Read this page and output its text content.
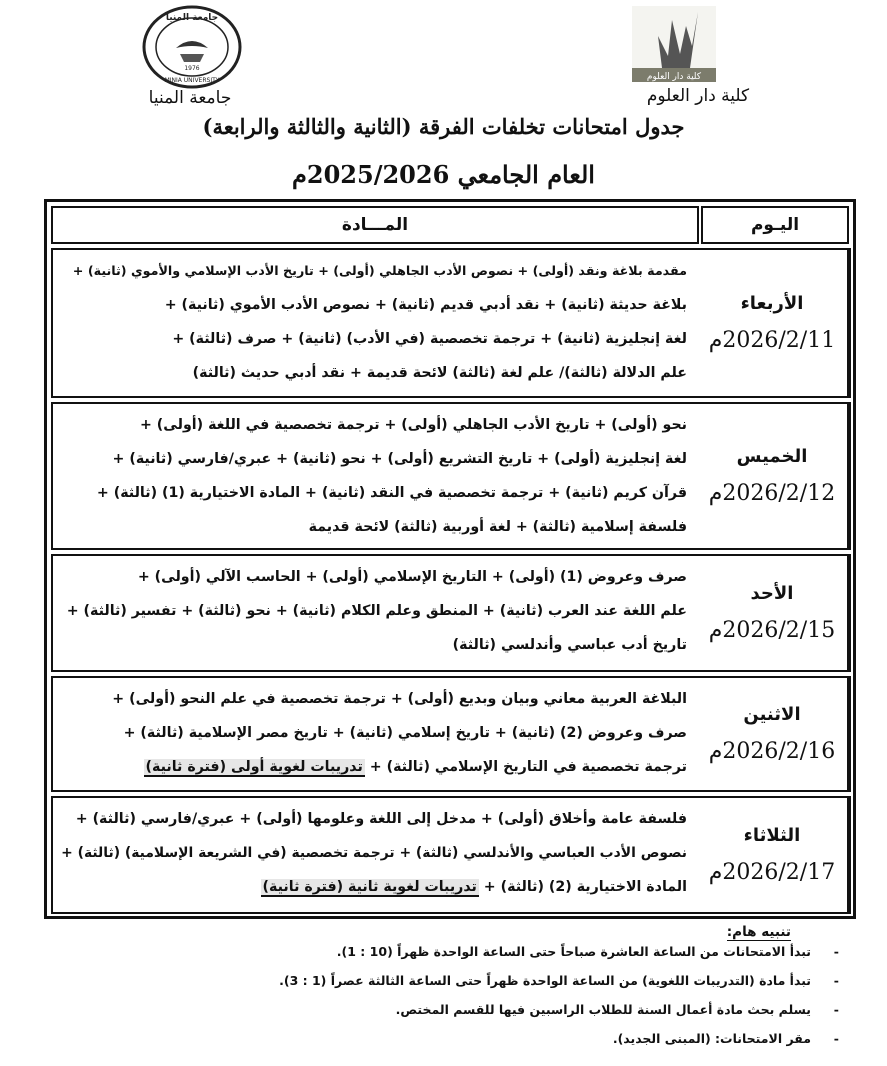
كلية دار العلوم
كلية دار العلوم
جامعة المنيا
1976
MINIA UNIVERSITY
جامعة المنيا
جدول امتحانات تخلفات الفرقة (الثانية والثالثة والرابعة)
العام الجامعي 2025/2026م
اليـوم
المـــادة
مقدمة بلاغة ونقد (أولى) + نصوص الأدب الجاهلي (أولى) + تاريخ الأدب الإسلامي والأموي (ثانية) +
بلاغة حديثة (ثانية) + نقد أدبي قديم (ثانية) + نصوص الأدب الأموي (ثانية) +
لغة إنجليزية (ثانية) + ترجمة تخصصية (في الأدب) (ثانية) + صرف (ثالثة) +
علم الدلالة (ثالثة)/ علم لغة (ثالثة) لائحة قديمة + نقد أدبي حديث (ثالثة)
الأربعاء
2026/2/11م
نحو (أولى) + تاريخ الأدب الجاهلي (أولى) + ترجمة تخصصية في اللغة (أولى) +
لغة إنجليزية (أولى) + تاريخ التشريع (أولى) + نحو (ثانية) + عبري/فارسي (ثانية) +
قرآن كريم (ثانية) + ترجمة تخصصية في النقد (ثانية) + المادة الاختيارية (1) (ثالثة) +
فلسفة إسلامية (ثالثة) + لغة أوربية (ثالثة) لائحة قديمة
الخميس
2026/2/12م
صرف وعروض (1) (أولى) + التاريخ الإسلامي (أولى) + الحاسب الآلي (أولى) +
علم اللغة عند العرب (ثانية) + المنطق وعلم الكلام (ثانية) + نحو (ثالثة) + تفسير (ثالثة) +
تاريخ أدب عباسي وأندلسي (ثالثة)
الأحد
2026/2/15م
البلاغة العربية معاني وبيان وبديع (أولى) + ترجمة تخصصية في علم النحو (أولى) +
صرف وعروض (2) (ثانية) + تاريخ إسلامي (ثانية) + تاريخ مصر الإسلامية (ثالثة) +
ترجمة تخصصية في التاريخ الإسلامي (ثالثة) + تدريبات لغوية أولى (فترة ثانية)
الاثنين
2026/2/16م
فلسفة عامة وأخلاق (أولى) + مدخل إلى اللغة وعلومها (أولى) + عبري/فارسي (ثالثة) +
نصوص الأدب العباسي والأندلسي (ثالثة) + ترجمة تخصصية (في الشريعة الإسلامية) (ثالثة) +
المادة الاختيارية (2) (ثالثة) + تدريبات لغوية ثانية (فترة ثانية)
الثلاثاء
2026/2/17م
تنبيه هام:
- تبدأ الامتحانات من الساعة العاشرة صباحاً حتى الساعة الواحدة ظهراً (10 : 1).
- تبدأ مادة (التدريبات اللغوية) من الساعة الواحدة ظهراً حتى الساعة الثالثة عصراً (1 : 3).
- يسلم بحث مادة أعمال السنة للطلاب الراسبين فيها للقسم المختص.
- مقر الامتحانات: (المبنى الجديد).
